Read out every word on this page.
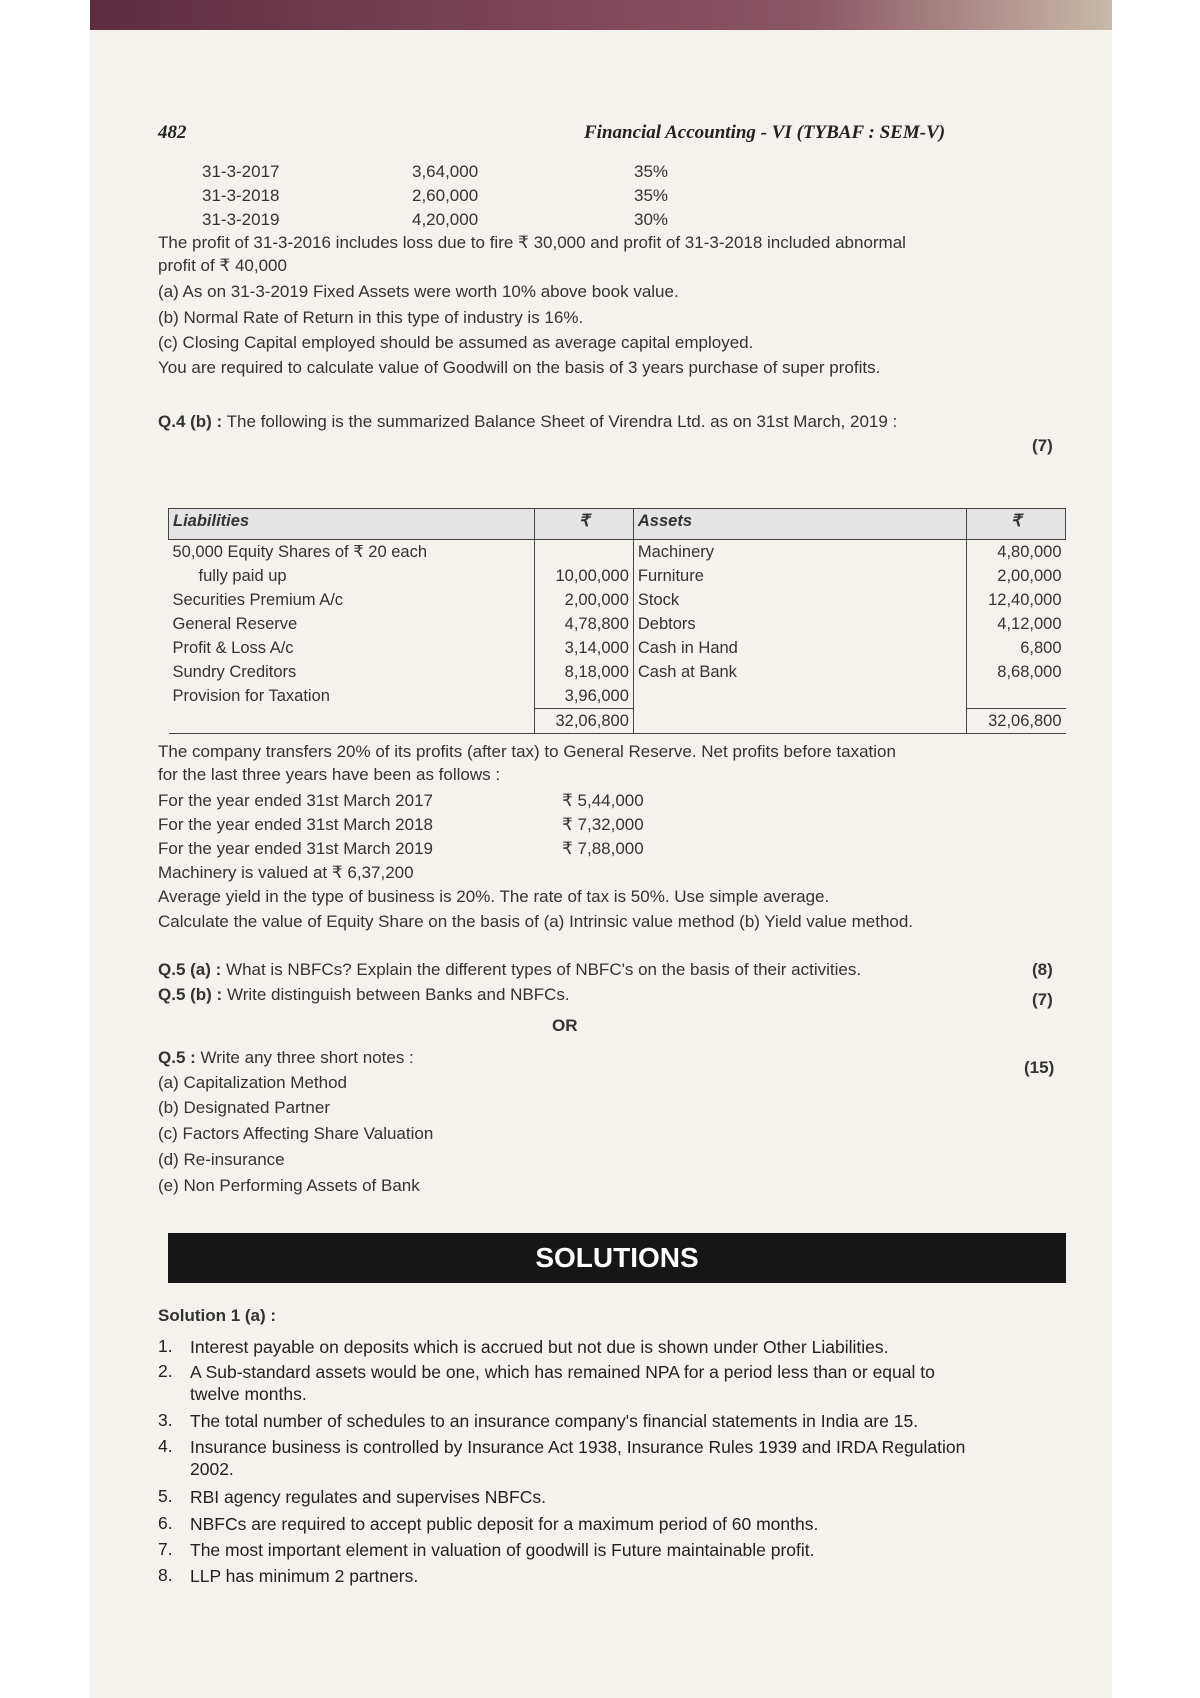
482	Financial Accounting - VI (TYBAF : SEM-V)
31-3-2017	3,64,000	35%
31-3-2018	2,60,000	35%
31-3-2019	4,20,000	30%
The profit of 31-3-2016 includes loss due to fire ₹ 30,000 and profit of 31-3-2018 included abnormal
profit of ₹ 40,000
(a) As on 31-3-2019 Fixed Assets were worth 10% above book value.
(b) Normal Rate of Return in this type of industry is 16%.
(c) Closing Capital employed should be assumed as average capital employed.
You are required to calculate value of Goodwill on the basis of 3 years purchase of super profits.
Q.4 (b) : The following is the summarized Balance Sheet of Virendra Ltd. as on 31st March, 2019 :
(7)
Liabilities	₹	Assets	₹
50,000 Equity Shares of ₹ 20 each		Machinery	4,80,000
fully paid up	10,00,000	Furniture	2,00,000
Securities Premium A/c	2,00,000	Stock	12,40,000
General Reserve	4,78,800	Debtors	4,12,000
Profit & Loss A/c	3,14,000	Cash in Hand	6,800
Sundry Creditors	8,18,000	Cash at Bank	8,68,000
Provision for Taxation	3,96,000		
	32,06,800		32,06,800
The company transfers 20% of its profits (after tax) to General Reserve. Net profits before taxation
for the last three years have been as follows :
For the year ended 31st March 2017	₹ 5,44,000
For the year ended 31st March 2018	₹ 7,32,000
For the year ended 31st March 2019	₹ 7,88,000
Machinery is valued at ₹ 6,37,200
Average yield in the type of business is 20%. The rate of tax is 50%. Use simple average.
Calculate the value of Equity Share on the basis of (a) Intrinsic value method (b) Yield value method.
Q.5 (a) : What is NBFCs? Explain the different types of NBFC's on the basis of their activities.	(8)
Q.5 (b) : Write distinguish between Banks and NBFCs.	(7)
OR
Q.5 : Write any three short notes :
(15)
(a) Capitalization Method
(b) Designated Partner
(c) Factors Affecting Share Valuation
(d) Re-insurance
(e) Non Performing Assets of Bank
SOLUTIONS
Solution 1 (a) :
1. Interest payable on deposits which is accrued but not due is shown under Other Liabilities.
2. A Sub-standard assets would be one, which has remained NPA for a period less than or equal to twelve months.
3. The total number of schedules to an insurance company's financial statements in India are 15.
4. Insurance business is controlled by Insurance Act 1938, Insurance Rules 1939 and IRDA Regulation 2002.
5. RBI agency regulates and supervises NBFCs.
6. NBFCs are required to accept public deposit for a maximum period of 60 months.
7. The most important element in valuation of goodwill is Future maintainable profit.
8. LLP has minimum 2 partners.
